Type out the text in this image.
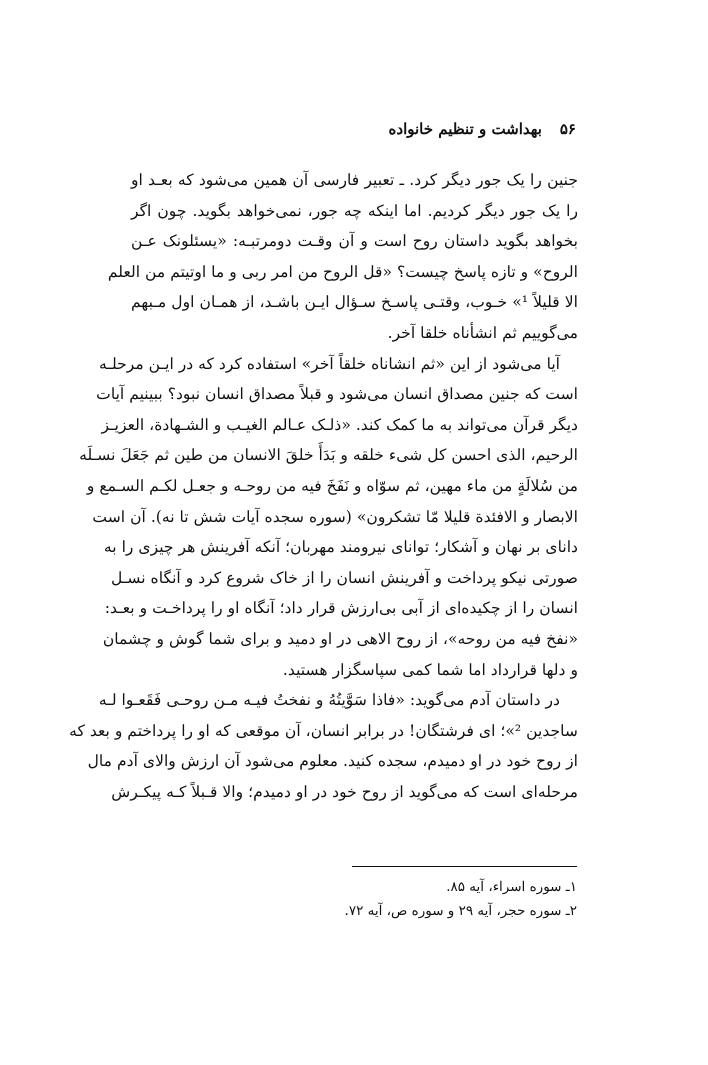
۵۶بهداشت و تنظیم خانواده
جنین را یک جور دیگر کرد. ـ تعبیر فارسی آن همین می‌شود که بعـد او
را یک جور دیگر کردیم. اما اینکه چه جور، نمی‌خواهد بگوید. چون اگر
بخواهد بگوید داستان روح است و آن وقـت دومرتبـه: «یسئلونک عـن
الروح» و تازه پاسخ چیست؟ «قل الروح من امر ربی و ما اوتیتم من العلم
الا قلیلاً ¹» خـوب، وقتـی پاسـخ سـؤال ایـن باشـد، از همـان اول مـبهم
می‌گوییم ثم انشأناه خلقا آخر.
آیا می‌شود از این «ثم انشاناه خلقاً آخر» استفاده کرد که در ایـن مرحلـه
است که جنین مصداق انسان می‌شود و قبلاً مصداق انسان نبود؟ ببینیم آیات
دیگر قرآن می‌تواند به ما کمک کند. «ذلـک عـالم الغیـب و الشـهادة، العزیـز
الرحیم، الذی احسن کل شیء خلقه و بَدَأَ خلقَ الانسان من طین ثم جَعَلَ نسـلَه
من سُلالَةٍ من ماء مهین، ثم سوّاه و نَفَخَ فیه من روحـه و جعـل لکـم السـمع و
الابصار و الافئدة قلیلا مّا تشکرون» (سوره سجده آیات شش تا نه). آن است
دانای بر نهان و آشکار؛ توانای نیرومند مهربان؛ آنکه آفرینش هر چیزی را به
صورتی نیکو پرداخت و آفرینش انسان را از خاک شروع کرد و آنگاه نسـل
انسان را از چکیده‌ای از آبی بی‌ارزش قرار داد؛ آنگاه او را پرداخـت و بعـد:
«نفخ فیه من روحه»، از روح الاهی در او دمید و برای شما گوش و چشمان
و دلها قرارداد اما شما کمی سپاسگزار هستید.
در داستان آدم می‌گوید: «فاذا سَوَّیتُهُ و نفختُ فیـه مـن روحـی فَقَعـوا لـه
ساجدین ²»؛ ای فرشتگان! در برابر انسان، آن موقعی که او را پرداختم و بعد که
از روح خود در او دمیدم، سجده کنید. معلوم می‌شود آن ارزش والای آدم مال
مرحله‌ای است که می‌گوید از روح خود در او دمیدم؛ والا قـبلاً کـه پیکـرش
۱ـ سوره اسراء، آیه ۸۵.
۲ـ سوره حجر، آیه ۲۹ و سوره ص، آیه ۷۲.
